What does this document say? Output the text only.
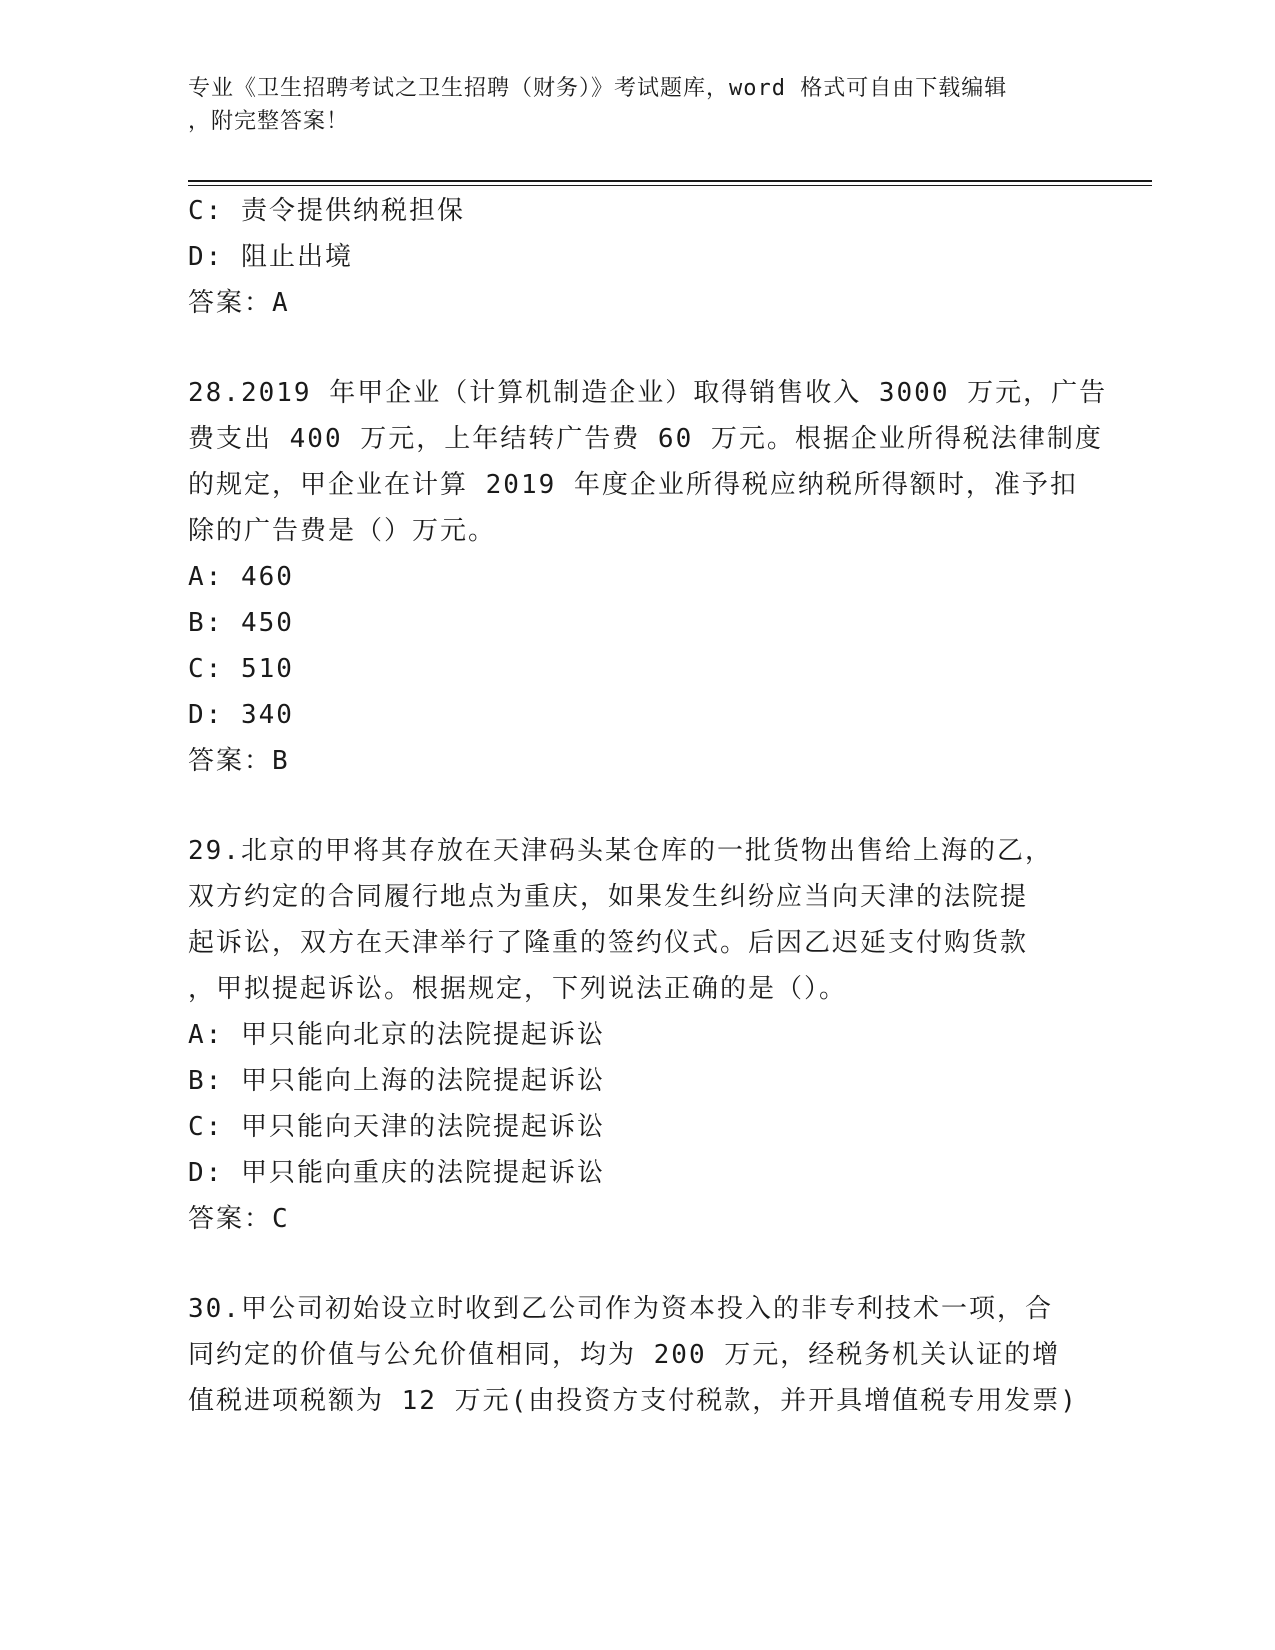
专业《卫生招聘考试之卫生招聘（财务）》考试题库，word 格式可自由下载编辑

，附完整答案！

C: 责令提供纳税担保
D: 阻止出境
答案：A
28.2019 年甲企业（计算机制造企业）取得销售收入 3000 万元，广告
费支出 400 万元，上年结转广告费 60 万元。根据企业所得税法律制度
的规定，甲企业在计算 2019 年度企业所得税应纳税所得额时，准予扣
除的广告费是（）万元。
A: 460
B: 450
C: 510
D: 340
答案：B
29.北京的甲将其存放在天津码头某仓库的一批货物出售给上海的乙，
双方约定的合同履行地点为重庆，如果发生纠纷应当向天津的法院提
起诉讼，双方在天津举行了隆重的签约仪式。后因乙迟延支付购货款
，甲拟提起诉讼。根据规定，下列说法正确的是（）。
A: 甲只能向北京的法院提起诉讼
B: 甲只能向上海的法院提起诉讼
C: 甲只能向天津的法院提起诉讼
D: 甲只能向重庆的法院提起诉讼
答案：C
30.甲公司初始设立时收到乙公司作为资本投入的非专利技术一项，合
同约定的价值与公允价值相同，均为 200 万元，经税务机关认证的增
值税进项税额为 12 万元(由投资方支付税款，并开具增值税专用发票)
